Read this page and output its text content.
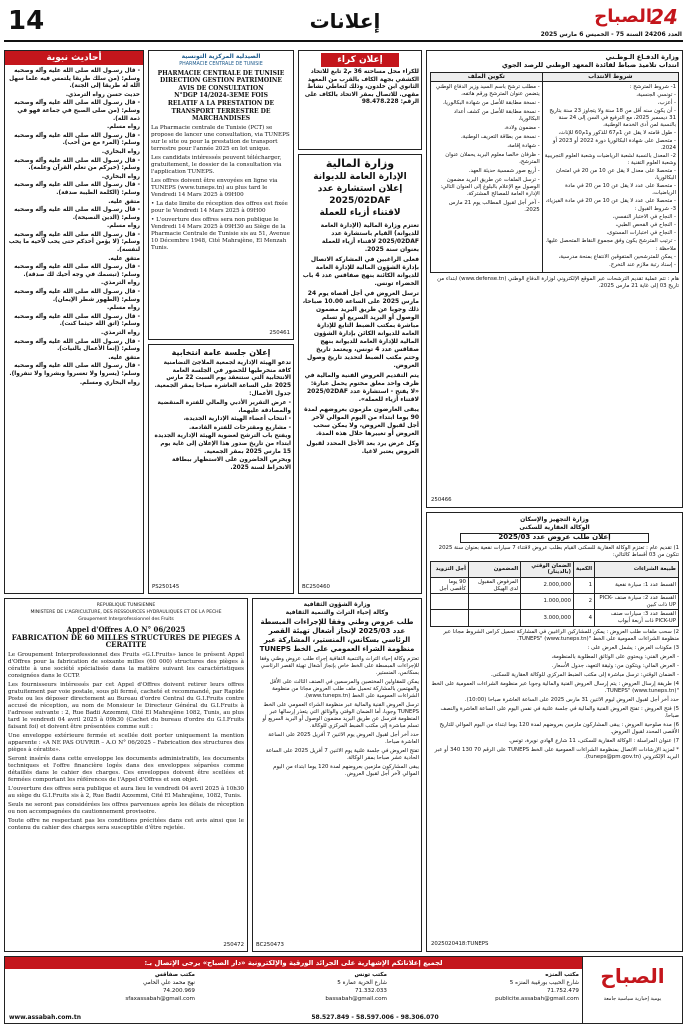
14	إعلانات	24
الصباح
العدد 24206 السنة 75 - الخميس 6 مارس 2025
وزارة الدفـاع الـوطـني
انتداب تلاميذ ضباط لفائدة المعهد الوطني للرصد الجوي
شروط الانتداب
1- شروط المترشح :
- تونسي الجنسية،
- أعزب،
- أن يكون سنه أقل من 18 سنة ولا يتجاوز 23 سنة بتاريخ 31 ديسمبر 2025، مع الترفيع في السن إلى 24 سنة بالنسبة لمن أدى الخدمة الوطنية،
- طول قامته لا يقل عن 1م67 للذكور و1م60 للإناث،
- متحصل على شهادة البكالوريا دورة 2022 أو 2023 أو 2024.
2- المعدل بالنسبة لشعبة الرياضيات وشعبة العلوم التجريبية وشعبة العلوم التقنية :
- متحصلا على معدل لا يقل عن 10 من 20 في امتحان البكالوريا،
- متحصلا على عدد لا يقل عن 10 من 20 في مادة الرياضيات،
- متحصلا على عدد لا يقل عن 10 من 20 في مادة الفيزياء،
3- شروط القبول :
- النجاح في الاختبار النفسي،
- النجاح في الفحص الطبي،
- النجاح في اختبارات المستوى،
- ترتيب المترشح يكون وفق مجموع النقاط المتحصل عليها.
ملاحظة :
- يمكن للمترشحين المتفوقين الانتفاع بمنحة مدرسية،
- إسناد رتبة ملازم عند التخرج.
تكوين الملف
- مطلب ترشح باسم السيد وزير الدفاع الوطني يتضمن عنوان المترشح ورقم هاتفه،
- نسخة مطابقة للأصل من شهادة البكالوريا،
- نسخة مطابقة للأصل من كشف أعداد البكالوريا،
- مضمون ولادة،
- نسخة من بطاقة التعريف الوطنية،
- شهادة إقامة،
- ظرفان خالصا معلوم البريد يحملان عنوان المترشح،
- أربع صور شمسية حديثة العهد.
- ترسل الملفات عن طريق البريد مضمون الوصول مع الإعلام بالبلوغ إلى العنوان التالي: الإدارة العامة للمصالح المشتركة.
- آخر أجل لقبول المطالب يوم 21 مارس 2025.
هام : تتم عملية تقديم الترشحات عبر الموقع الإلكتروني لوزارة الدفاع الوطني (www.defense.tn) ابتداء من تاريخ 03 إلى غاية 21 مارس 2025.
250466
وزارة التجهيز والإسكان
الوكالة العقارية للسكنى
إعلان طلب عروض عدد 2025/03
1) تقديم عام : تعتزم الوكالة العقارية للسكنى القيام بطلب عروض لاقتناء 7 سيارات نفعية بعنوان سنة 2025 تتكون من 03 أقساط كالتالي:
طبيعة الشراءات	الكمية	الضمان الوقتي (بالدينار)	المضمون	أجل التزويد
القسط عدد 1: سيارة نفعية	1	2.000,000	المرفوض المقبول لدى الهيكل	90 يوما كأقصى أجل
القسط عدد 2: سيارة صنف PICK-UP ذات كبين	2	1.000,000		
القسط عدد 3: سيارات صنف PICK-UP ذات أربعة أبواب	4	3.000,000		
2) سحب ملفات طلب العروض : يمكن للمشاركين الراغبين في المشاركة تحميل كراس الشروط مجانا عبر منظومة الشراءات العمومية على الخط "TUNEPS" (www.tuneps.tn).
3) مكونات العرض : يشمل العرض على :
- العرض الفني: ويحتوي على الوثائق المطلوبة بالمنظومة،
- العرض المالي: ويتكون من: وثيقة التعهد، جدول الأسعار.
- الضمان الوقتي: ترسل مباشرة إلى مكتب الضبط المركزي للوكالة العقارية للسكنى.
4) طريقة إرسال العروض : يتم إرسال العروض الفنية والمالية وجوبا عبر منظومة الشراءات العمومية على الخط "TUNEPS" (www.tuneps.tn).
حدد آخر أجل لقبول العروض ليوم الاثنين 31 مارس 2025 على الساعة العاشرة صباحا (10:00).
5) فتح العروض : تفتح العروض الفنية والمالية في جلسة علنية في نفس اليوم على الساعة العاشرة والنصف صباحا.
6) مدة صلوحية العروض : يبقى المشاركون ملزمين بعروضهم لمدة 120 يوما ابتداء من اليوم الموالي للتاريخ الأقصى المحدد لقبول العروض.
7) عنوان المراسلة : الوكالة العقارية للسكنى، 11 شارع الهادي نويرة، تونس.
* لمزيد الإرشادات الاتصال بمنظومة الشراءات العمومية على الخط TUNEPS على الرقم 70 130 340 أو عبر البريد الإلكتروني (tuneps@pm.gov.tn).
2025020418:TUNEPS
إعلان كراء
للكراء محل مساحته 36 م2 تابع للاتحاد الكشفي بجهة الكاف بالقرب من المعهد الثانوي ابن خلدون، وذلك لتعاطي نشاط مقهى. للاتصال بمقر الاتحاد بالكاف على الرقم: 98.478.228
وزارة المالية
الإدارة العامة للديوانة
إعلان استشارة عدد 2025/02DAF
لاقتناء أزياء للعملة
تعتزم وزارة المالية (الإدارة العامة للديوانة) القيام باستشارة عدد 2025/02DAF لاقتناء أزياء للعملة بعنوان سنة 2025.
فعلى الراغبين في المشاركة الاتصال بإدارة الشؤون المالية للإدارة العامة للديوانة الكائنة بنهج صفاقس عدد 4 باب الخضراء تونس.
ترسل العروض في أجل أقصاه يوم 24 مارس 2025 على الساعة 10.00 صباحا، ذلك وجوبا عن طريق البريد مضمون الوصول أو البريد السريع أو تسلم مباشرة بمكتب الضبط التابع للإدارة العامة للديوانة الكائن بإدارة الشؤون المالية للإدارة العامة للديوانة بنهج صفاقس عدد 4 تونس، ويعتمد تاريخ وختم مكتب الضبط لتحديد تاريخ وصول العروض.
يتم التقديم العروض الفنية والمالية في ظرف واحد مغلق مختوم يحمل عبارة: «لا يفتح - استشارة عدد 2025/02DAF لاقتناء أزياء للعملة».
يبقى العارضون ملزمون بعروضهم لمدة 90 يوما ابتداء من اليوم الموالي لآخر أجل لقبول العروض، ولا يمكن سحب العروض أو تغييرها خلال هذه المدة.
وكل عرض يرد بعد الأجل المحدد لقبول العروض يعتبر لاغيا.
BC250460
الصيدلية المركزية التونسية
PHARMACIE CENTRALE DE TUNISIE
PHARMACIE CENTRALE DE TUNISIE
DIRECTION GESTION PATRIMOINE
AVIS DE CONSULTATION
N°DGP 14/2024-3EME FOIS
RELATIF A LA PRESTATION DE TRANSPORT TERRESTRE DE MARCHANDISES
La Pharmacie centrale de Tunisie (PCT) se propose de lancer une consultation, via TUNEPS sur le site ou pour la prestation de transport terrestre pour l'année 2025 en lot unique.
Les candidats intéressés peuvent télécharger, gratuitement, le dossier de la consultation via l'application TUNEPS.
Les offres doivent être envoyées en ligne via TUNEPS (www.tuneps.tn) au plus tard le Vendredi 14 Mars 2025 à 09H00
• La date limite de réception des offres est fixée pour le Vendredi 14 Mars 2025 à 09H00
• L'ouverture des offres sera non publique le Vendredi 14 Mars 2025 à 09H30 au Siège de la Pharmacie Centrale de Tunisie sis au 51, Avenue 10 Décembre 1948, Cité Mahrajène, El Menzah Tunis.
250461
إعلان جلسة عامة انتخابية
تدعو الهيئة الإدارية لجمعية الملاجئ التضامنية كافة منخرطيها للحضور في الجلسة العامة الانتخابية التي ستنعقد يوم السبت 22 مارس 2025 على الساعة العاشرة صباحا بمقر الجمعية.
جدول الأعمال:
- عرض التقرير الأدبي والمالي للفترة المنقضية والمصادقة عليهما،
- انتخاب أعضاء الهيئة الإدارية الجديدة،
- مشاريع ومقترحات للفترة القادمة.
ويفتح باب الترشح لعضوية الهيئة الإدارية الجديدة ابتداء من تاريخ صدور هذا الإعلان إلى غاية يوم 15 مارس 2025 بمقر الجمعية.
ويحرص الحاضرون على الاستظهار ببطاقة الانخراط لسنة 2025.
PS250145
وزارة الشؤون الثقافية
وكالة إحياء التراث والتنمية الثقافية
طلب عروض وطني وفقا للإجراءات المبسطة عدد 2025/03 لإنجاز أشغال تهيئة القصر الرئاسي بسكانس، المنستير، المشاركة عبر منظومة الشراء العمومي على الخط TUNEPS
تعتزم وكالة إحياء التراث والتنمية الثقافية إجراء طلب عروض وطني وفقا للإجراءات المبسطة على الخط خاص بإنجاز أشغال تهيئة القصر الرئاسي بسكانس، المنستير.
يمكن للمقاولين المختصين والمرسمين في الصنف الثالث على الأقل والمهتمين بالمشاركة تحميل ملف طلب العروض مجانا من منظومة الشراءات العمومية على الخط (www.tuneps.tn).
ترسل العروض الفنية والمالية عبر منظومة الشراء العمومي على الخط TUNEPS وجوبا، أما الضمان الوقتي والوثائق التي يتعذر إرسالها عبر المنظومة فترسل عن طريق البريد مضمون الوصول أو البريد السريع أو تسلم مباشرة إلى مكتب الضبط المركزي للوكالة.
حدد آخر أجل لقبول العروض يوم الاثنين 7 أفريل 2025 على الساعة العاشرة صباحا.
تفتح العروض في جلسة علنية يوم الاثنين 7 أفريل 2025 على الساعة الحادية عشر صباحا بمقر الوكالة.
يبقى المشاركون ملزمين بعروضهم لمدة 120 يوما ابتداء من اليوم الموالي لآخر أجل لقبول العروض.
BC250473
REPUBLIQUE TUNISIENNE
MINISTERE DE L'AGRICULTURE, DES RESSOURCES HYDRAULIQUES ET DE LA PECHE
Groupement Interprofessionnel des Fruits
Appel d'Offres A.O N° 06/2025
FABRICATION DE 60 MILLES STRUCTURES DE PIEGES A CERATITE
Le Groupement Interprofessionnel des Fruits «G.I.Fruits» lance le présent Appel d'Offres pour la fabrication de soixante milles (60 000) structures des pièges à cératite à une société spécialisée dans la matière suivant les caractéristiques consignées dans le CCTP.
Les fournisseurs intéressés par cet Appel d'Offres doivent retirer leurs offres gratuitement par voie postale, sous pli fermé, cacheté et recommandé, par Rapide Poste ou les déposer directement au Bureau d'ordre Central du G.I.Fruits contre accusé de réception, au nom de Monsieur le Directeur Général du G.I.Fruits à l'adresse suivante : 2, Rue Badii Azzemmi, Cité El Mahrajène 1082, Tunis, au plus tard le vendredi 04 avril 2025 à 09h30 (Cachet du bureau d'ordre du G.I.Fruits faisant foi) et doivent être présentées comme suit :
Une enveloppe extérieure fermée et scellée doit porter uniquement la mention apparente : «A NE PAS OUVRIR – A.O N° 06/2025 – Fabrication des structures des pièges à cératite».
Seront insérés dans cette enveloppe les documents administratifs, les documents techniques et l'offre financière logés dans des enveloppes séparées comme détaillés dans le cahier des charges. Ces enveloppes doivent être scellées et fermées comportant les références de l'Appel d'Offres et son objet.
L'ouverture des offres sera publique et aura lieu le vendredi 04 avril 2025 à 10h30 au siège du G.I.Fruits sis à 2, Rue Badii Azzemmi, Cité El Mahrajène, 1082, Tunis.
Seuls ne seront pas considérées les offres parvenues après les délais de réception ou non accompagnées du cautionnement provisoire.
Toute offre ne respectant pas les conditions précitées dans cet avis ainsi que le contenu du cahier des charges sera susceptible d'être rejetée.
250472
أحاديث نبوية
- قال رسـول الله صلى الله عليه وآله وصحبه وسلم: (من سلك طريقا يلتمس فيه علما سهل الله له طريقا إلى الجنة).
حديث حسن رواه الترمذي.
- قال رسـول الله صلى الله عليه وآله وصحبه وسلم: (من صلى الصبح في جماعة فهو في ذمة الله).
رواه مسلم.
- قال رسـول الله صلى الله عليه وآله وصحبه وسلم: (المرء مع من أحب).
رواه البخاري.
- قال رسـول الله صلى الله عليه وآله وصحبه وسلم: (خيركم من تعلم القرآن وعلمه).
رواه البخاري.
- قال رسـول الله صلى الله عليه وآله وصحبه وسلم: (الكلمة الطيبة صدقة).
متفق عليه.
- قال رسـول الله صلى الله عليه وآله وصحبه وسلم: (الدين النصيحة).
رواه مسلم.
- قال رسـول الله صلى الله عليه وآله وصحبه وسلم: (لا يؤمن أحدكم حتى يحب لأخيه ما يحب لنفسه).
متفق عليه.
- قال رسـول الله صلى الله عليه وآله وصحبه وسلم: (تبسمك في وجه أخيك لك صدقة).
رواه الترمذي.
- قال رسـول الله صلى الله عليه وآله وصحبه وسلم: (الطهور شطر الإيمان).
رواه مسلم.
- قال رسـول الله صلى الله عليه وآله وصحبه وسلم: (اتق الله حيثما كنت).
رواه الترمذي.
- قال رسـول الله صلى الله عليه وآله وصحبه وسلم: (إنما الأعمال بالنيات).
متفق عليه.
- قال رسـول الله صلى الله عليه وآله وصحبه وسلم: (يسروا ولا تعسروا وبشروا ولا تنفروا).
رواه البخاري ومسلم.
لجميع إعلاناتكم الإشهارية على الجرائد الورقية والإلكترونية «دار الصباح» يرجى الإتصال بـ:
الصباح
يومية إخبارية سياسية جامعة
مكتب المنزه
شارع الحبيب بورقيبة المنزه 5
71.752.479
publicite.assabah@gmail.com
مكتب تونس
شارع الحرية عمارة 5
71.332.033
bassabah@gmail.com
مكتب صفاقس
نهج محمد علي الحامي
74.200.969
sfaxassabah@gmail.com
www.assabah.com.tn	98.306.070 - 58.597.006 - 58.527.849
